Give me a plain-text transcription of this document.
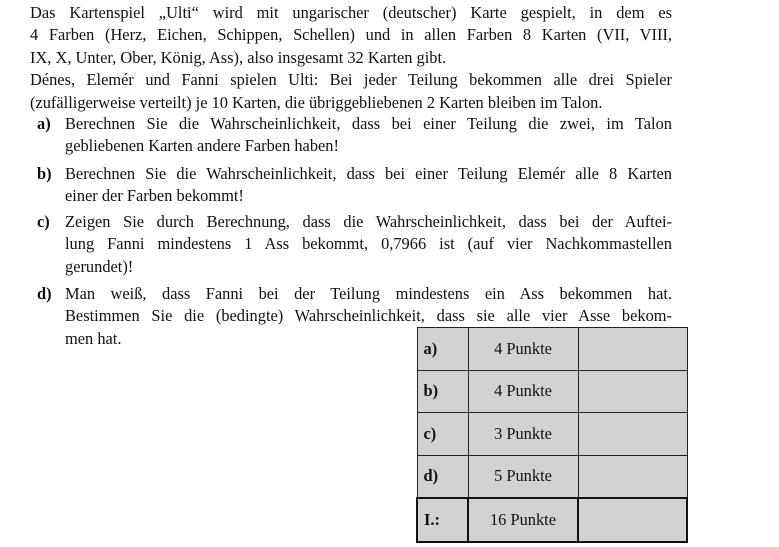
Das Kartenspiel „Ulti“ wird mit ungarischer (deutscher) Karte gespielt, in dem es
4 Farben (Herz, Eichen, Schippen, Schellen) und in allen Farben 8 Karten (VII, VIII,
IX, X, Unter, Ober, König, Ass), also insgesamt 32 Karten gibt.

Dénes, Elemér und Fanni spielen Ulti: Bei jeder Teilung bekommen alle drei Spieler
(zufälligerweise verteilt) je 10 Karten, die übriggebliebenen 2 Karten bleiben im Talon.

a) Berechnen Sie die Wahrscheinlichkeit, dass bei einer Teilung die zwei, im Talon
gebliebenen Karten andere Farben haben!
b) Berechnen Sie die Wahrscheinlichkeit, dass bei einer Teilung Elemér alle 8 Karten
einer der Farben bekommt!
c) Zeigen Sie durch Berechnung, dass die Wahrscheinlichkeit, dass bei der Auftei-
lung Fanni mindestens 1 Ass bekommt, 0,7966 ist (auf vier Nachkommastellen
gerundet)!
d) Man weiß, dass Fanni bei der Teilung mindestens ein Ass bekommen hat.
Bestimmen Sie die (bedingte) Wahrscheinlichkeit, dass sie alle vier Asse bekom-
men hat.
a)	4 Punkte	
b)	4 Punkte	
c)	3 Punkte	
d)	5 Punkte	
I.:	16 Punkte	
